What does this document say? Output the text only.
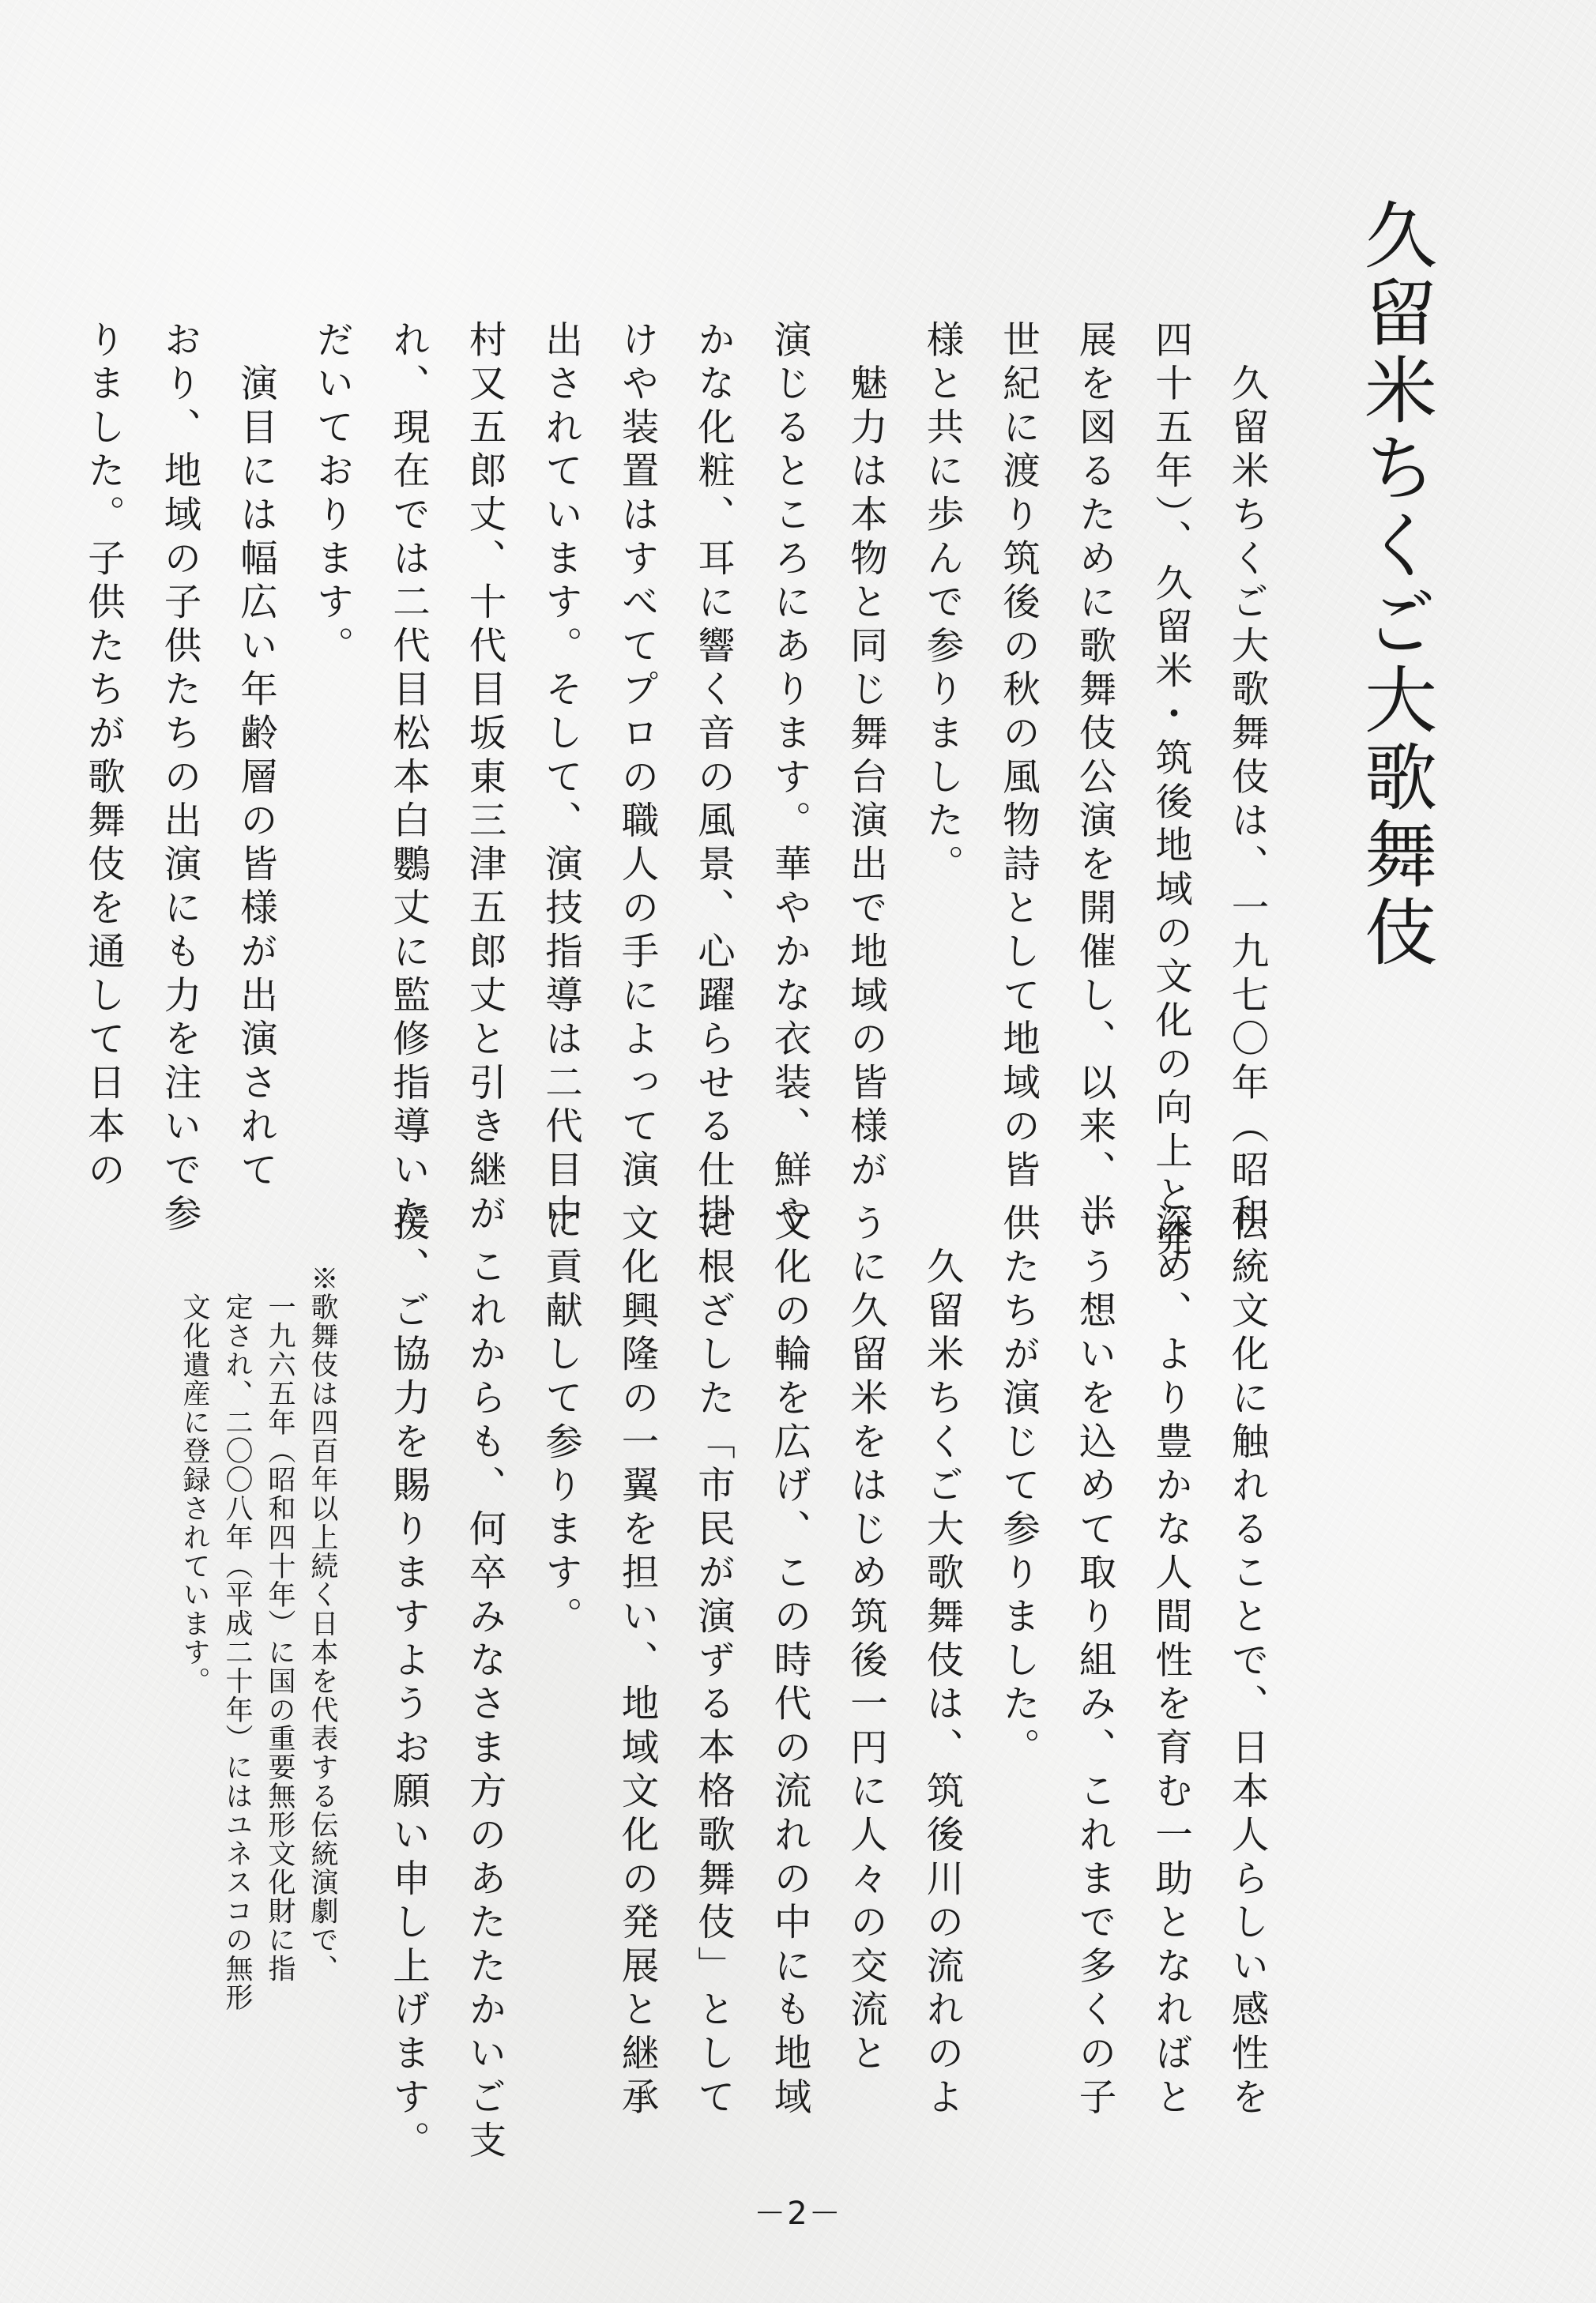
久留米ちくご大歌舞伎

　久留米ちくご大歌舞伎は、一九七〇年（昭和
四十五年）、久留米・筑後地域の文化の向上と発
展を図るために歌舞伎公演を開催し、以来、半
世紀に渡り筑後の秋の風物詩として地域の皆
様と共に歩んで参りました。
　魅力は本物と同じ舞台演出で地域の皆様が
演じるところにあります。華やかな衣装、鮮や
かな化粧、耳に響く音の風景、心躍らせる仕掛
けや装置はすべてプロの職人の手によって演
出されています。そして、演技指導は二代目中
村又五郎丈、十代目坂東三津五郎丈と引き継が
れ、現在では二代目松本白鸚丈に監修指導いた
だいております。
　演目には幅広い年齢層の皆様が出演されて
おり、地域の子供たちの出演にも力を注いで参
りました。子供たちが歌舞伎を通して日本の

伝統文化に触れることで、日本人らしい感性を
深め、より豊かな人間性を育む一助となればと
いう想いを込めて取り組み、これまで多くの子
供たちが演じて参りました。
　久留米ちくご大歌舞伎は、筑後川の流れのよ
うに久留米をはじめ筑後一円に人々の交流と
文化の輪を広げ、この時代の流れの中にも地域
に根ざした「市民が演ずる本格歌舞伎」として
文化興隆の一翼を担い、地域文化の発展と継承
に貢献して参ります。
　これからも、何卒みなさま方のあたたかいご支
援、ご協力を賜りますようお願い申し上げます。

※歌舞伎は四百年以上続く日本を代表する伝統演劇で、
　一九六五年（昭和四十年）に国の重要無形文化財に指
　定され、二〇〇八年（平成二十年）にはユネスコの無形
　文化遺産に登録されています。

－2－
